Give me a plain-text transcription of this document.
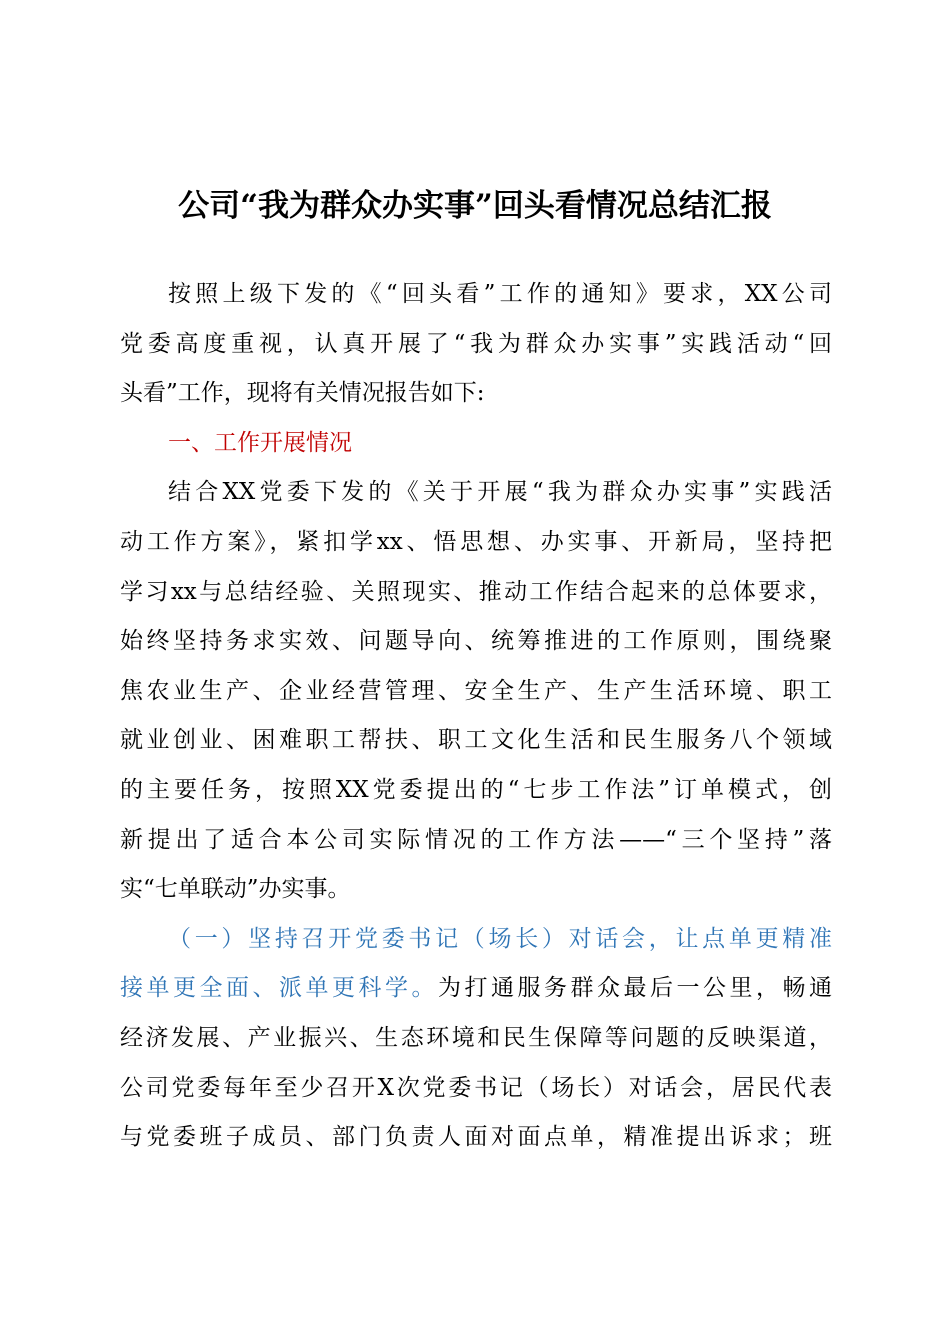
公司“我为群众办实事”回头看情况总结汇报
按照上级下发的《“回头看”工作的通知》要求，XX公司
党委高度重视，认真开展了“我为群众办实事”实践活动“回
头看”工作，现将有关情况报告如下:
一、工作开展情况
结合XX党委下发的《关于开展“我为群众办实事”实践活
动工作方案》，紧扣学xx、悟思想、办实事、开新局，坚持把
学习xx与总结经验、关照现实、推动工作结合起来的总体要求，
始终坚持务求实效、问题导向、统筹推进的工作原则，围绕聚
焦农业生产、企业经营管理、安全生产、生产生活环境、职工
就业创业、困难职工帮扶、职工文化生活和民生服务八个领域
的主要任务，按照XX党委提出的“七步工作法”订单模式，创
新提出了适合本公司实际情况的工作方法——“三个坚持”落
实“七单联动”办实事。
（一）坚持召开党委书记（场长）对话会，让点单更精准
接单更全面、派单更科学。为打通服务群众最后一公里，畅通
经济发展、产业振兴、生态环境和民生保障等问题的反映渠道，
公司党委每年至少召开X次党委书记（场长）对话会，居民代表
与党委班子成员、部门负责人面对面点单，精准提出诉求；班
